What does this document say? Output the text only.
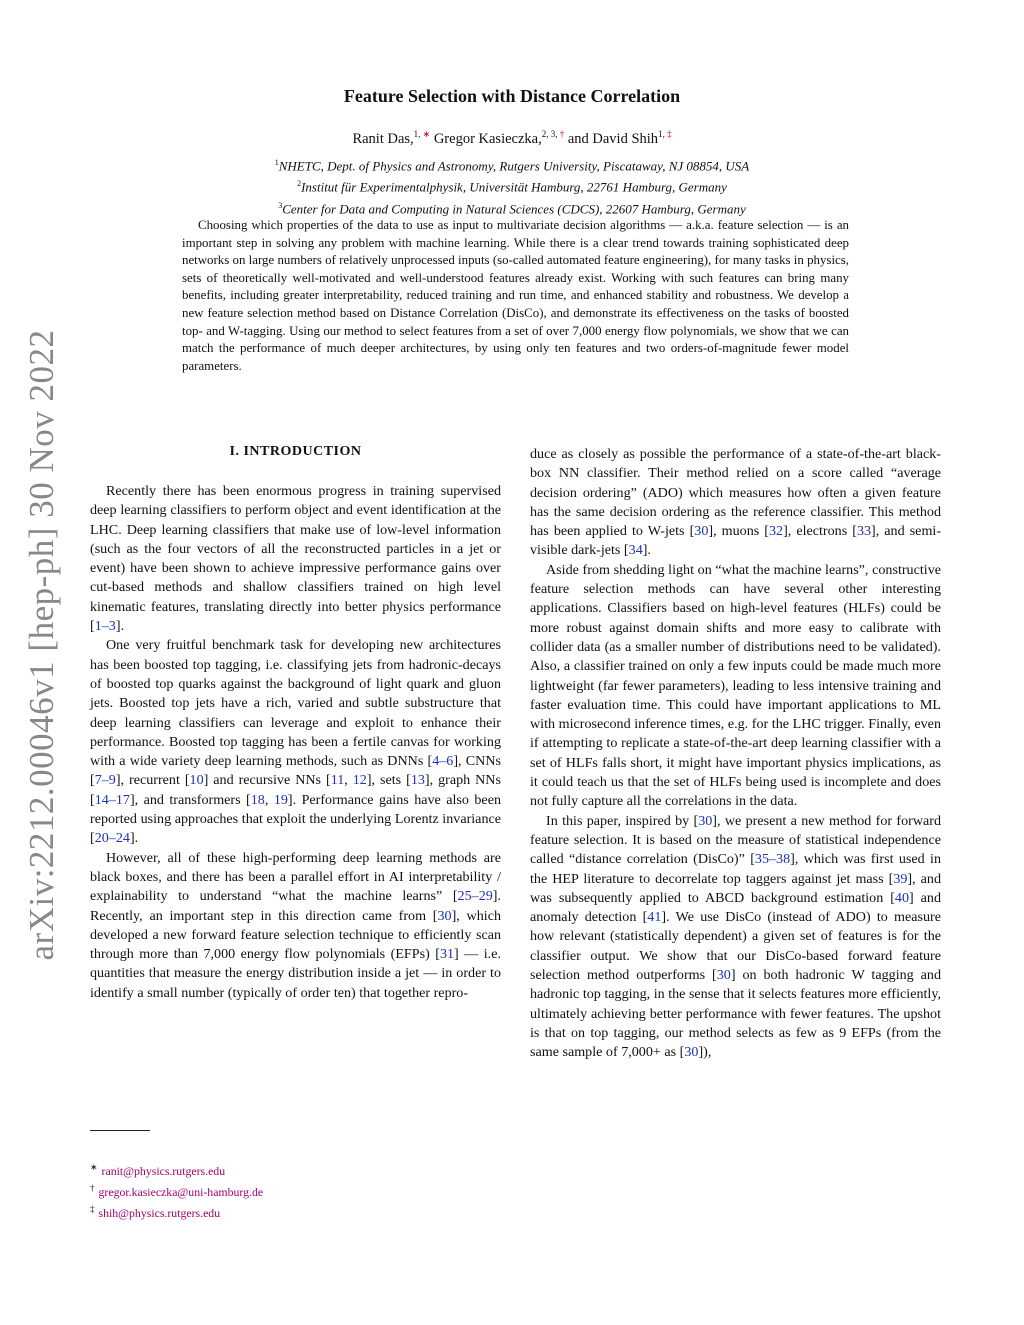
arXiv:2212.00046v1 [hep-ph] 30 Nov 2022
Feature Selection with Distance Correlation
Ranit Das,$^{1, ∗}$ Gregor Kasieczka,$^{2, 3, \dagger}$ and David Shih$^{1, \ddagger}$
$^1$NHETC, Dept. of Physics and Astronomy, Rutgers University, Piscataway, NJ 08854, USA
$^2$Institut für Experimentalphysik, Universität Hamburg, 22761 Hamburg, Germany
$^3$Center for Data and Computing in Natural Sciences (CDCS), 22607 Hamburg, Germany

Choosing which properties of the data to use as input to multivariate decision algorithms — a.k.a. feature selection — is an important step in solving any problem with machine learning. While there is a clear trend towards training sophisticated deep networks on large numbers of relatively unprocessed inputs (so-called automated feature engineering), for many tasks in physics, sets of theoretically well-motivated and well-understood features already exist. Working with such features can bring many benefits, including greater interpretability, reduced training and run time, and enhanced stability and robustness. We develop a new feature selection method based on Distance Correlation (DisCo), and demonstrate its effectiveness on the tasks of boosted top- and W-tagging. Using our method to select features from a set of over 7,000 energy flow polynomials, we show that we can match the performance of much deeper architectures, by using only ten features and two orders-of-magnitude fewer model parameters.

I. INTRODUCTION

Recently there has been enormous progress in training supervised deep learning classifiers to perform object and event identification at the LHC. Deep learning classifiers that make use of low-level information (such as the four vectors of all the reconstructed particles in a jet or event) have been shown to achieve impressive performance gains over cut-based methods and shallow classifiers trained on high level kinematic features, translating directly into better physics performance [1–3].

One very fruitful benchmark task for developing new architectures has been boosted top tagging, i.e. classifying jets from hadronic-decays of boosted top quarks against the background of light quark and gluon jets. Boosted top jets have a rich, varied and subtle substructure that deep learning classifiers can leverage and exploit to enhance their performance. Boosted top tagging has been a fertile canvas for working with a wide variety deep learning methods, such as DNNs [4–6], CNNs [7–9], recurrent [10] and recursive NNs [11, 12], sets [13], graph NNs [14–17], and transformers [18, 19]. Performance gains have also been reported using approaches that exploit the underlying Lorentz invariance [20–24].

However, all of these high-performing deep learning methods are black boxes, and there has been a parallel effort in AI interpretability / explainability to understand “what the machine learns” [25–29]. Recently, an important step in this direction came from [30], which developed a new forward feature selection technique to efficiently scan through more than 7,000 energy flow polynomials (EFPs) [31] — i.e. quantities that measure the energy distribution inside a jet — in order to identify a small number (typically of order ten) that together repro-

duce as closely as possible the performance of a state-of-the-art black-box NN classifier. Their method relied on a score called “average decision ordering” (ADO) which measures how often a given feature has the same decision ordering as the reference classifier. This method has been applied to W-jets [30], muons [32], electrons [33], and semi-visible dark-jets [34].

Aside from shedding light on “what the machine learns”, constructive feature selection methods can have several other interesting applications. Classifiers based on high-level features (HLFs) could be more robust against domain shifts and more easy to calibrate with collider data (as a smaller number of distributions need to be validated). Also, a classifier trained on only a few inputs could be made much more lightweight (far fewer parameters), leading to less intensive training and faster evaluation time. This could have important applications to ML with microsecond inference times, e.g. for the LHC trigger. Finally, even if attempting to replicate a state-of-the-art deep learning classifier with a set of HLFs falls short, it might have important physics implications, as it could teach us that the set of HLFs being used is incomplete and does not fully capture all the correlations in the data.

In this paper, inspired by [30], we present a new method for forward feature selection. It is based on the measure of statistical independence called “distance correlation (DisCo)” [35–38], which was first used in the HEP literature to decorrelate top taggers against jet mass [39], and was subsequently applied to ABCD background estimation [40] and anomaly detection [41]. We use DisCo (instead of ADO) to measure how relevant (statistically dependent) a given set of features is for the classifier output. We show that our DisCo-based forward feature selection method outperforms [30] on both hadronic W tagging and hadronic top tagging, in the sense that it selects features more efficiently, ultimately achieving better performance with fewer features. The upshot is that on top tagging, our method selects as few as 9 EFPs (from the same sample of 7,000+ as [30]),

∗ ranit@physics.rutgers.edu
† gregor.kasieczka@uni-hamburg.de
‡ shih@physics.rutgers.edu
